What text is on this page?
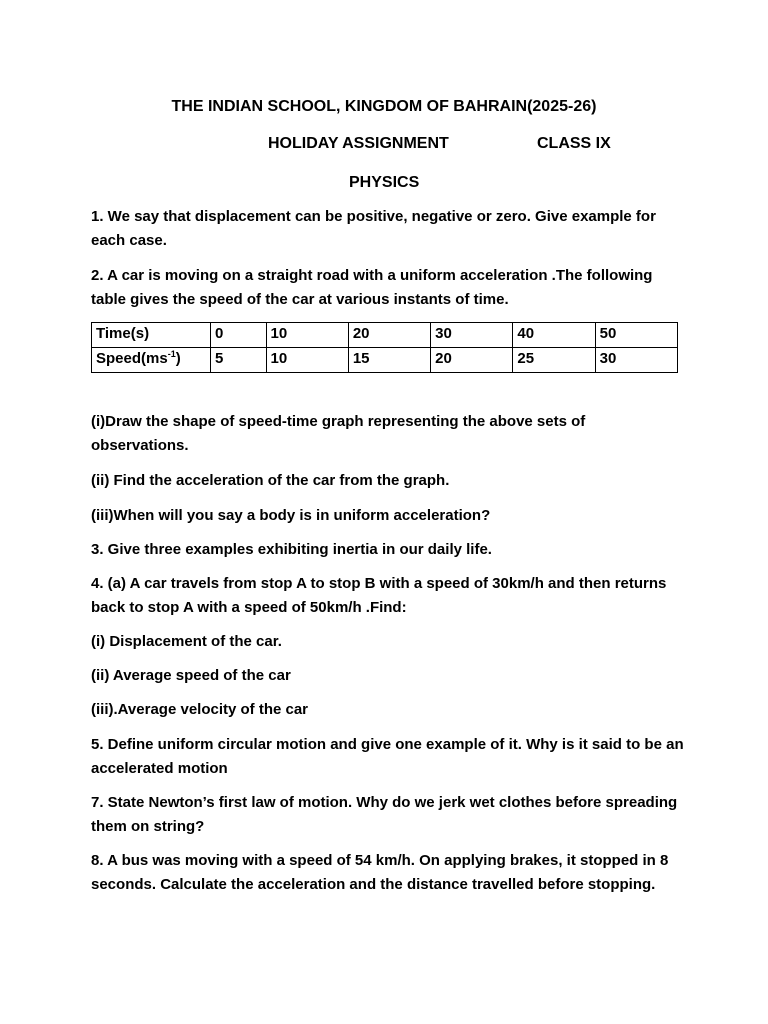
THE INDIAN SCHOOL, KINGDOM OF BAHRAIN(2025-26)
HOLIDAY ASSIGNMENT	CLASS IX
PHYSICS

1. We say that displacement can be positive, negative or zero. Give example for each case.

2. A car is moving on a straight road with a uniform acceleration .The following table gives the speed of the car at various instants of time.

Time(s)	0	10	20	30	40	50
$Speed(ms^{-1})$	5	10	15	20	25	30

(i)Draw the shape of speed-time graph representing the above sets of observations.

(ii) Find the acceleration of the car from the graph.

(iii)When will you say a body is in uniform acceleration?

3. Give three examples exhibiting inertia in our daily life.

4. (a) A car travels from stop A to stop B with a speed of 30km/h and then returns back to stop A with a speed of 50km/h .Find:

(i) Displacement of the car.

(ii) Average speed of the car

(iii).Average velocity of the car

5. Define uniform circular motion and give one example of it. Why is it said to be an accelerated motion

7. State Newton’s first law of motion. Why do we jerk wet clothes before spreading them on string?

8. A bus was moving with a speed of 54 km/h. On applying brakes, it stopped in 8 seconds. Calculate the acceleration and the distance travelled before stopping.
